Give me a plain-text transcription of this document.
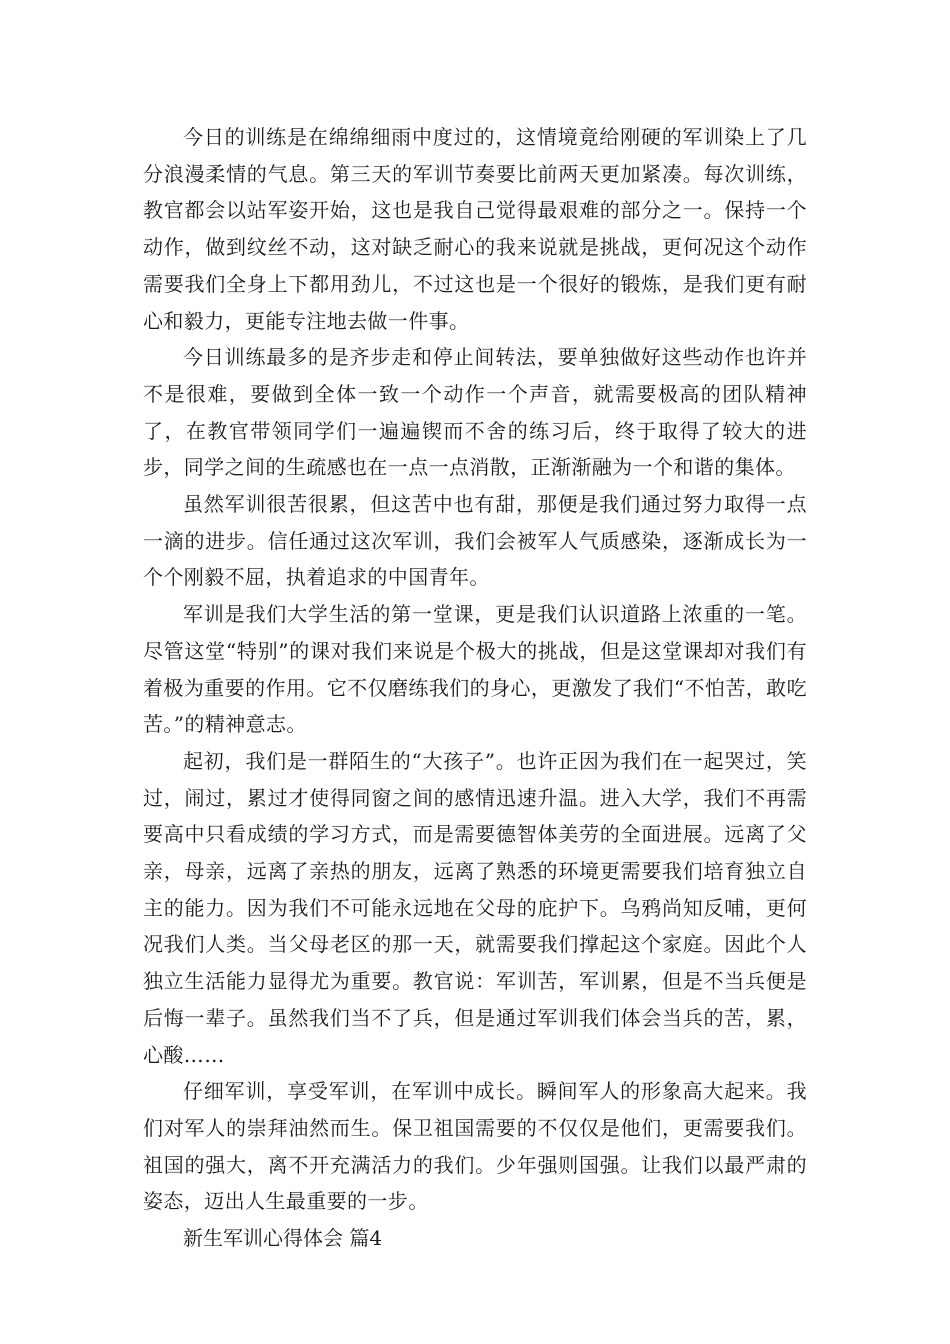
今日的训练是在绵绵细雨中度过的，这情境竟给刚硬的军训染上了几分浪漫柔情的气息。第三天的军训节奏要比前两天更加紧凑。每次训练，教官都会以站军姿开始，这也是我自己觉得最艰难的部分之一。保持一个动作，做到纹丝不动，这对缺乏耐心的我来说就是挑战，更何况这个动作需要我们全身上下都用劲儿，不过这也是一个很好的锻炼，是我们更有耐心和毅力，更能专注地去做一件事。

今日训练最多的是齐步走和停止间转法，要单独做好这些动作也许并不是很难，要做到全体一致一个动作一个声音，就需要极高的团队精神了，在教官带领同学们一遍遍锲而不舍的练习后，终于取得了较大的进步，同学之间的生疏感也在一点一点消散，正渐渐融为一个和谐的集体。

虽然军训很苦很累，但这苦中也有甜，那便是我们通过努力取得一点一滴的进步。信任通过这次军训，我们会被军人气质感染，逐渐成长为一个个刚毅不屈，执着追求的中国青年。

军训是我们大学生活的第一堂课，更是我们认识道路上浓重的一笔。尽管这堂“特别”的课对我们来说是个极大的挑战，但是这堂课却对我们有着极为重要的作用。它不仅磨练我们的身心，更激发了我们“不怕苦，敢吃苦。”的精神意志。

起初，我们是一群陌生的“大孩子”。也许正因为我们在一起哭过，笑过，闹过，累过才使得同窗之间的感情迅速升温。进入大学，我们不再需要高中只看成绩的学习方式，而是需要德智体美劳的全面进展。远离了父亲，母亲，远离了亲热的朋友，远离了熟悉的环境更需要我们培育独立自主的能力。因为我们不可能永远地在父母的庇护下。乌鸦尚知反哺，更何况我们人类。当父母老区的那一天，就需要我们撑起这个家庭。因此个人独立生活能力显得尤为重要。教官说：军训苦，军训累，但是不当兵便是后悔一辈子。虽然我们当不了兵，但是通过军训我们体会当兵的苦，累，心酸……

仔细军训，享受军训，在军训中成长。瞬间军人的形象高大起来。我们对军人的崇拜油然而生。保卫祖国需要的不仅仅是他们，更需要我们。祖国的强大，离不开充满活力的我们。少年强则国强。让我们以最严肃的姿态，迈出人生最重要的一步。

新生军训心得体会 篇4
